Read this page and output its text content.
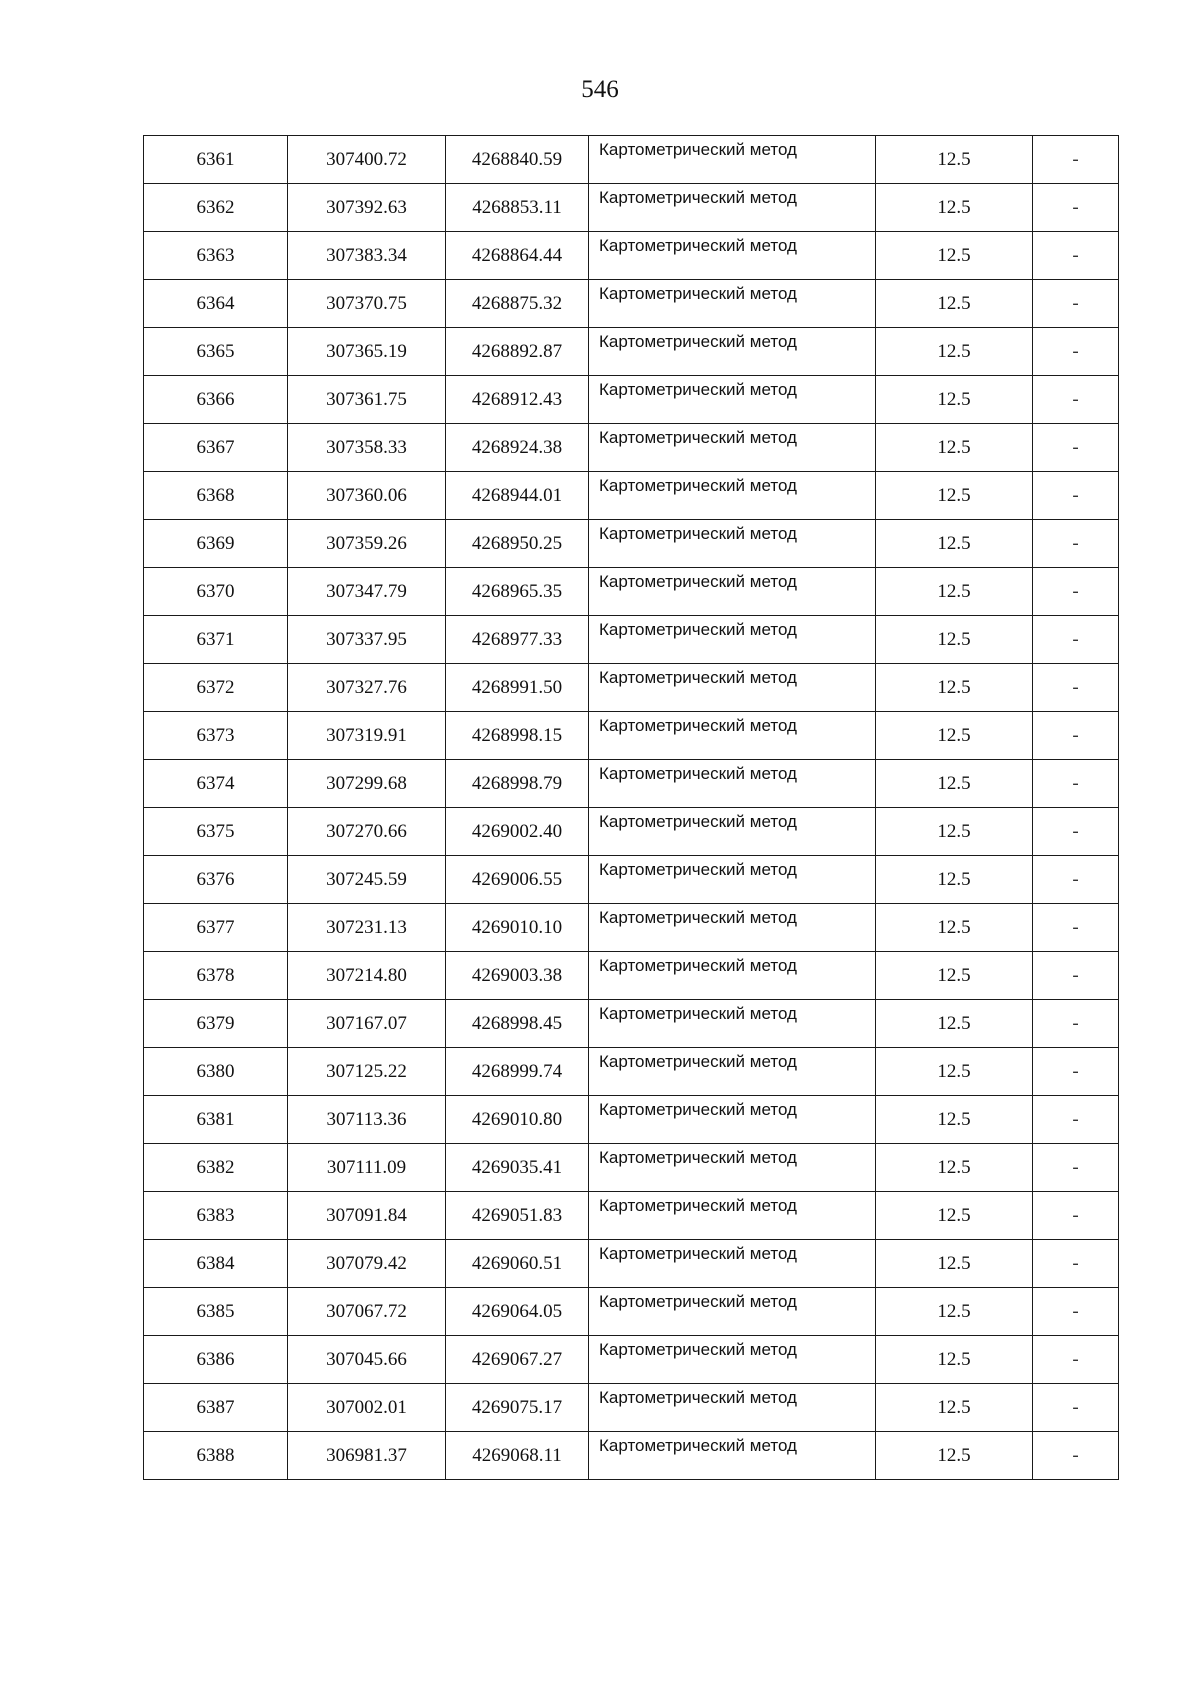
546
6361	307400.72	4268840.59	Картометрический метод	12.5	-
6362	307392.63	4268853.11	Картометрический метод	12.5	-
6363	307383.34	4268864.44	Картометрический метод	12.5	-
6364	307370.75	4268875.32	Картометрический метод	12.5	-
6365	307365.19	4268892.87	Картометрический метод	12.5	-
6366	307361.75	4268912.43	Картометрический метод	12.5	-
6367	307358.33	4268924.38	Картометрический метод	12.5	-
6368	307360.06	4268944.01	Картометрический метод	12.5	-
6369	307359.26	4268950.25	Картометрический метод	12.5	-
6370	307347.79	4268965.35	Картометрический метод	12.5	-
6371	307337.95	4268977.33	Картометрический метод	12.5	-
6372	307327.76	4268991.50	Картометрический метод	12.5	-
6373	307319.91	4268998.15	Картометрический метод	12.5	-
6374	307299.68	4268998.79	Картометрический метод	12.5	-
6375	307270.66	4269002.40	Картометрический метод	12.5	-
6376	307245.59	4269006.55	Картометрический метод	12.5	-
6377	307231.13	4269010.10	Картометрический метод	12.5	-
6378	307214.80	4269003.38	Картометрический метод	12.5	-
6379	307167.07	4268998.45	Картометрический метод	12.5	-
6380	307125.22	4268999.74	Картометрический метод	12.5	-
6381	307113.36	4269010.80	Картометрический метод	12.5	-
6382	307111.09	4269035.41	Картометрический метод	12.5	-
6383	307091.84	4269051.83	Картометрический метод	12.5	-
6384	307079.42	4269060.51	Картометрический метод	12.5	-
6385	307067.72	4269064.05	Картометрический метод	12.5	-
6386	307045.66	4269067.27	Картометрический метод	12.5	-
6387	307002.01	4269075.17	Картометрический метод	12.5	-
6388	306981.37	4269068.11	Картометрический метод	12.5	-
